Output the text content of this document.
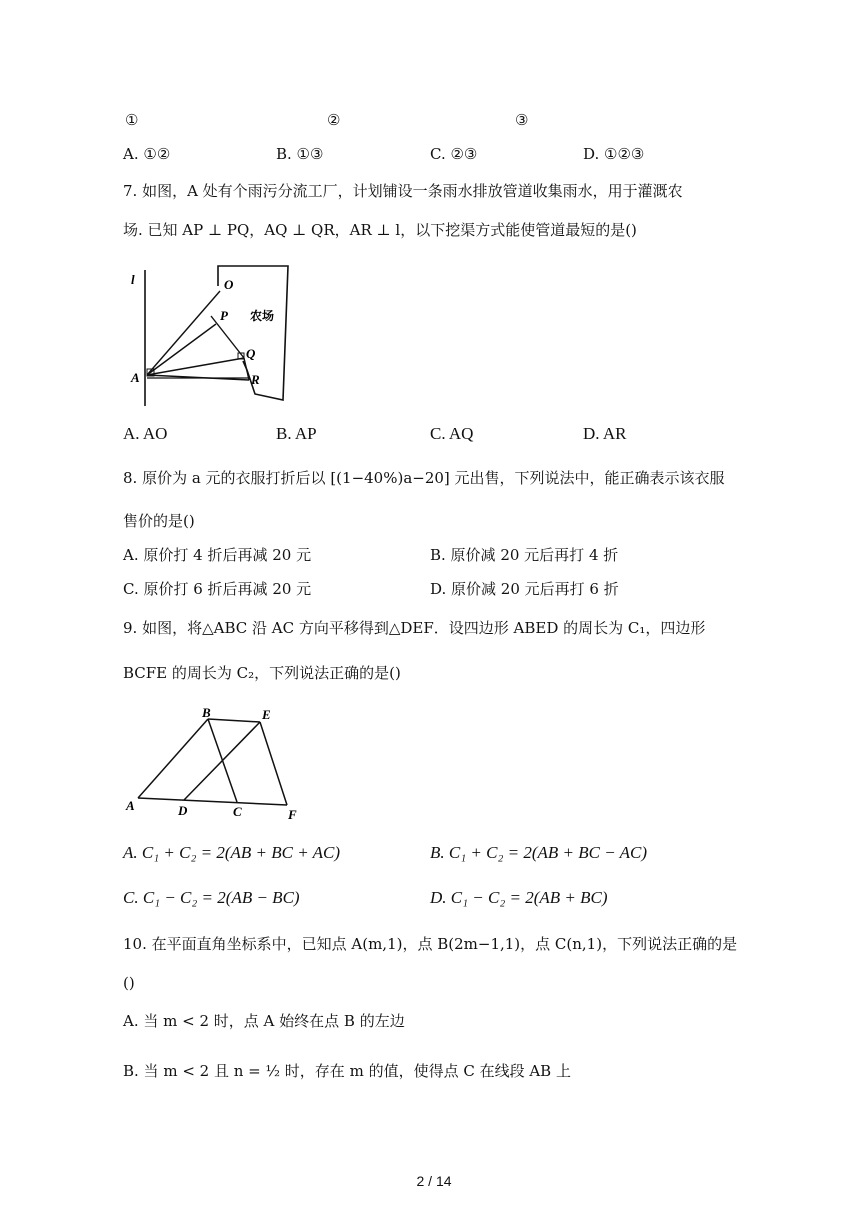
①	②	③
A. ①②	B. ①③	C. ②③	D. ①②③
7. 如图，A 处有个雨污分流工厂，计划铺设一条雨水排放管道收集雨水，用于灌溉农
场. 已知 AP ⊥ PQ，AQ ⊥ QR，AR ⊥ l，以下挖渠方式能使管道最短的是()
l	O
P
Q
A	R
农场
A. AO	B. AP	C. AQ	D. AR
8. 原价为 a 元的衣服打折后以 [(1−40%)a−20] 元出售，下列说法中，能正确表示该衣服
售价的是()
A. 原价打 4 折后再减 20 元	B. 原价减 20 元后再打 4 折
C. 原价打 6 折后再减 20 元	D. 原价减 20 元后再打 6 折
9. 如图，将△ABC 沿 AC 方向平移得到△DEF．设四边形 ABED 的周长为 C₁，四边形
BCFE 的周长为 C₂，下列说法正确的是()
B	E
A	D	C	F
A. C₁ + C₂ = 2(AB + BC + AC)	B. C₁ + C₂ = 2(AB + BC − AC)
C. C₁ − C₂ = 2(AB − BC)	D. C₁ − C₂ = 2(AB + BC)
10. 在平面直角坐标系中，已知点 A(m,1)，点 B(2m−1,1)，点 C(n,1)，下列说法正确的是
()
A. 当 m < 2 时，点 A 始终在点 B 的左边
B. 当 m < 2 且 n = ½ 时，存在 m 的值，使得点 C 在线段 AB 上
2 / 14
